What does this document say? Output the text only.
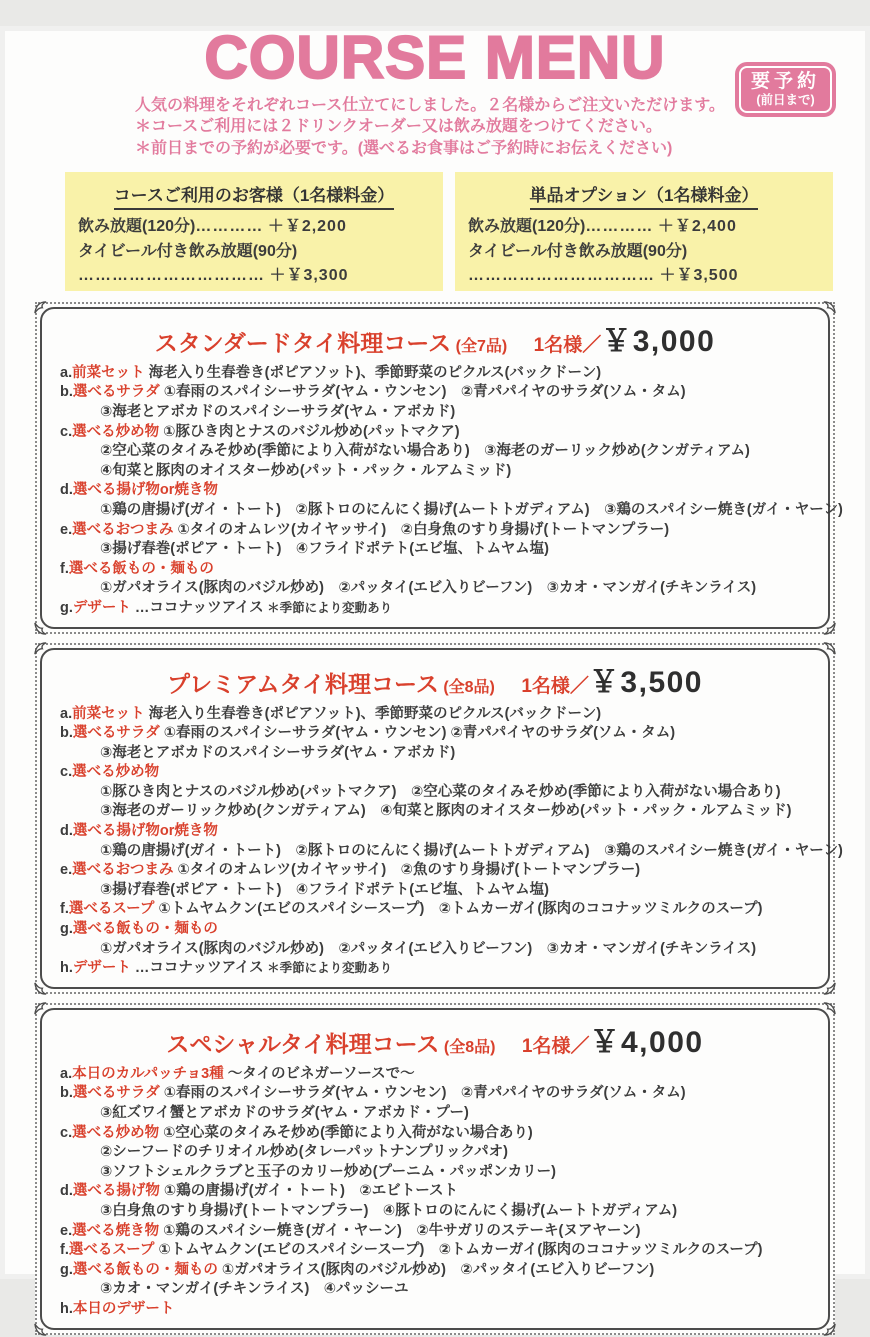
COURSE MENU	要予約
(前日まで)
人気の料理をそれぞれコース仕立てにしました。２名様からご注文いただけます。
＊コースご利用には２ドリンクオーダー又は飲み放題をつけてください。
＊前日までの予約が必要です。(選べるお食事はご予約時にお伝えください)
コースご利用のお客様（1名様料金）
飲み放題(120分)………… ＋￥2,200
タイビール付き飲み放題(90分)
…………………………… ＋￥3,300
単品オプション（1名様料金）
飲み放題(120分)………… ＋￥2,400
タイビール付き飲み放題(90分)
…………………………… ＋￥3,500
スタンダードタイ料理コース (全7品) 1名様／￥3,000
a.前菜セット 海老入り生春巻き(ポピアソット)、季節野菜のピクルス(バックドーン)
b.選べるサラダ ①春雨のスパイシーサラダ(ヤム・ウンセン)　②青パパイヤのサラダ(ソム・タム)
③海老とアボカドのスパイシーサラダ(ヤム・アボカド)
c.選べる炒め物 ①豚ひき肉とナスのバジル炒め(パットマクア)
②空心菜のタイみそ炒め(季節により入荷がない場合あり)　③海老のガーリック炒め(クンガティアム)
④旬菜と豚肉のオイスター炒め(パット・パック・ルアムミッド)
d.選べる揚げ物or焼き物
①鶏の唐揚げ(ガイ・トート)　②豚トロのにんにく揚げ(ムートトガディアム)　③鶏のスパイシー焼き(ガイ・ヤーン)
e.選べるおつまみ ①タイのオムレツ(カイヤッサイ)　②白身魚のすり身揚げ(トートマンプラー)
③揚げ春巻(ポピア・トート)　④フライドポテト(エビ塩、トムヤム塩)
f.選べる飯もの・麺もの
①ガパオライス(豚肉のバジル炒め)　②パッタイ(エビ入りビーフン)　③カオ・マンガイ(チキンライス)
g.デザート …ココナッツアイス ＊季節により変動あり
プレミアムタイ料理コース (全8品) 1名様／￥3,500
a.前菜セット 海老入り生春巻き(ポピアソット)、季節野菜のピクルス(バックドーン)
b.選べるサラダ ①春雨のスパイシーサラダ(ヤム・ウンセン) ②青パパイヤのサラダ(ソム・タム)
③海老とアボカドのスパイシーサラダ(ヤム・アボカド)
c.選べる炒め物
①豚ひき肉とナスのバジル炒め(パットマクア)　②空心菜のタイみそ炒め(季節により入荷がない場合あり)
③海老のガーリック炒め(クンガティアム)　④旬菜と豚肉のオイスター炒め(パット・パック・ルアムミッド)
d.選べる揚げ物or焼き物
①鶏の唐揚げ(ガイ・トート)　②豚トロのにんにく揚げ(ムートトガディアム)　③鶏のスパイシー焼き(ガイ・ヤーン)
e.選べるおつまみ ①タイのオムレツ(カイヤッサイ)　②魚のすり身揚げ(トートマンプラー)
③揚げ春巻(ポピア・トート)　④フライドポテト(エビ塩、トムヤム塩)
f.選べるスープ ①トムヤムクン(エビのスパイシースープ)　②トムカーガイ(豚肉のココナッツミルクのスープ)
g.選べる飯もの・麺もの
①ガパオライス(豚肉のバジル炒め)　②パッタイ(エビ入りビーフン)　③カオ・マンガイ(チキンライス)
h.デザート …ココナッツアイス ＊季節により変動あり
スペシャルタイ料理コース (全8品) 1名様／￥4,000
a.本日のカルパッチョ3種 〜タイのビネガーソースで〜
b.選べるサラダ ①春雨のスパイシーサラダ(ヤム・ウンセン)　②青パパイヤのサラダ(ソム・タム)
③紅ズワイ蟹とアボカドのサラダ(ヤム・アボカド・プー)
c.選べる炒め物 ①空心菜のタイみそ炒め(季節により入荷がない場合あり)
②シーフードのチリオイル炒め(タレーパットナンプリックパオ)
③ソフトシェルクラブと玉子のカリー炒め(プーニム・パッポンカリー)
d.選べる揚げ物 ①鶏の唐揚げ(ガイ・トート)　②エビトースト
③白身魚のすり身揚げ(トートマンプラー)　④豚トロのにんにく揚げ(ムートトガディアム)
e.選べる焼き物 ①鶏のスパイシー焼き(ガイ・ヤーン)　②牛サガリのステーキ(ヌアヤーン)
f.選べるスープ ①トムヤムクン(エビのスパイシースープ)　②トムカーガイ(豚肉のココナッツミルクのスープ)
g.選べる飯もの・麺もの ①ガパオライス(豚肉のバジル炒め)　②パッタイ(エビ入りビーフン)
③カオ・マンガイ(チキンライス)　④パッシーユ
h.本日のデザート
